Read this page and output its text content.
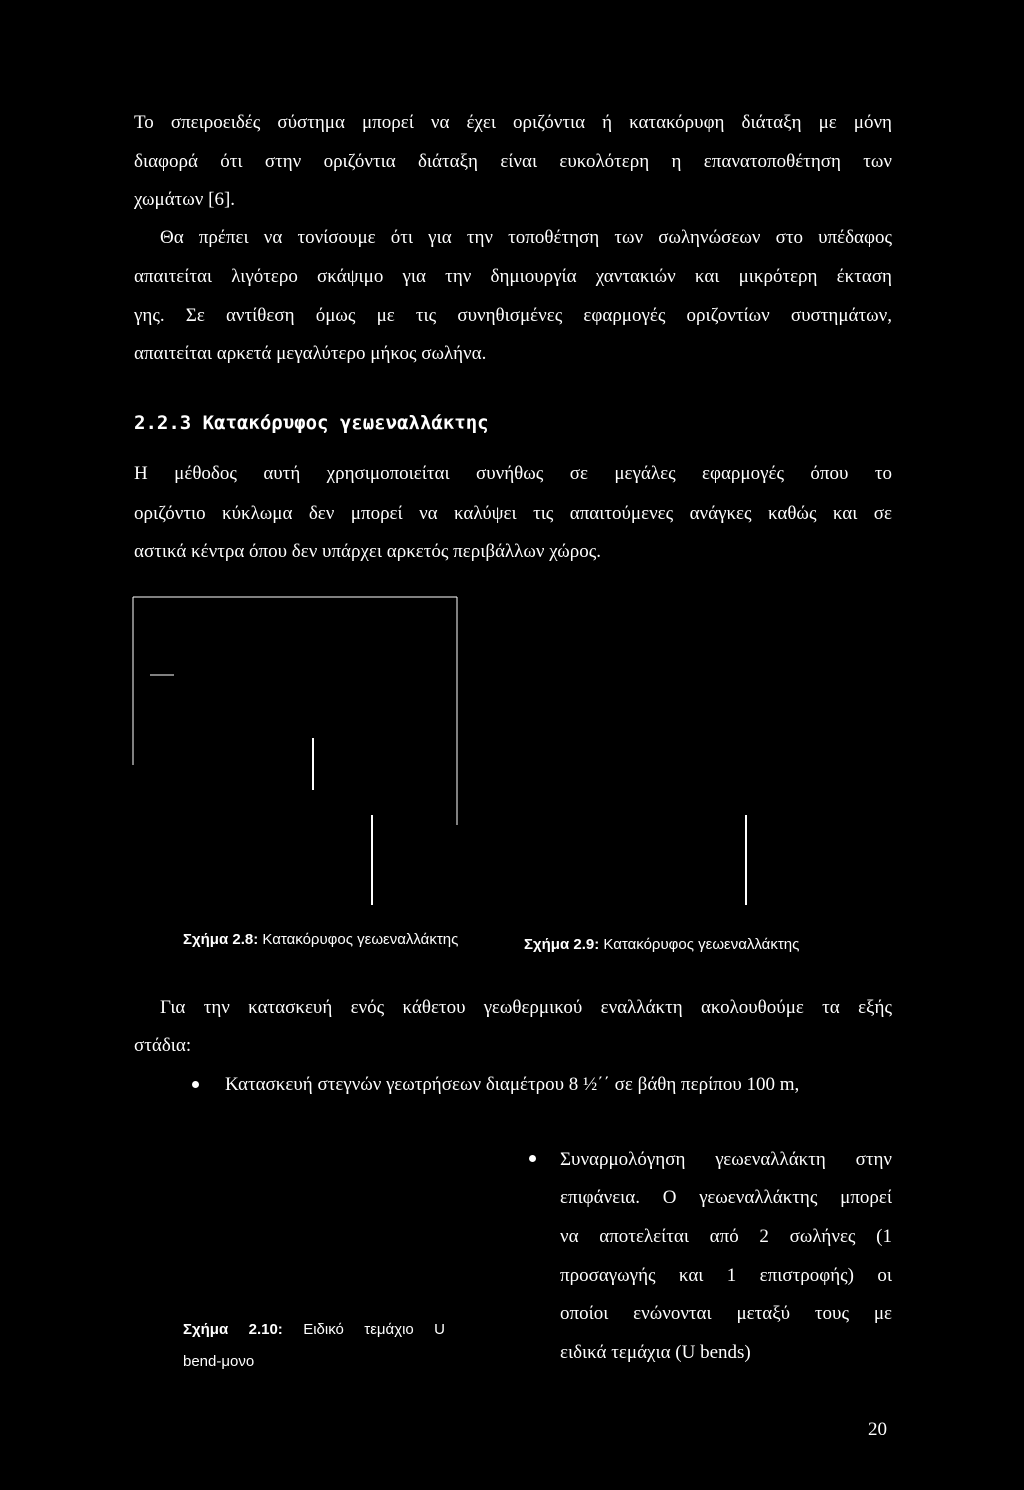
Το σπειροειδές σύστημα μπορεί να έχει οριζόντια ή κατακόρυφη διάταξη με μόνη
διαφορά ότι στην οριζόντια διάταξη είναι ευκολότερη η επανατοποθέτηση των
χωμάτων [6].
Θα πρέπει να τονίσουμε ότι για την τοποθέτηση των σωληνώσεων στο υπέδαφος
απαιτείται λιγότερο σκάψιμο για την δημιουργία χαντακιών και μικρότερη έκταση
γης. Σε αντίθεση όμως με τις συνηθισμένες εφαρμογές οριζοντίων συστημάτων,
απαιτείται αρκετά μεγαλύτερο μήκος σωλήνα.
2.2.3 Κατακόρυφος γεωεναλλάκτης
Η μέθοδος αυτή χρησιμοποιείται συνήθως σε μεγάλες εφαρμογές όπου το
οριζόντιο κύκλωμα δεν μπορεί να καλύψει τις απαιτούμενες ανάγκες καθώς και σε
αστικά κέντρα όπου δεν υπάρχει αρκετός περιβάλλων χώρος.
Σχήμα 2.8: Κατακόρυφος γεωεναλλάκτης	Σχήμα 2.9: Κατακόρυφος γεωεναλλάκτης
Για την κατασκευή ενός κάθετου γεωθερμικού εναλλάκτη ακολουθούμε τα εξής
στάδια:
Κατασκευή στεγνών γεωτρήσεων διαμέτρου 8 ½΄΄ σε βάθη περίπου 100 m,
Συναρμολόγηση γεωεναλλάκτη στην
επιφάνεια. Ο γεωεναλλάκτης μπορεί
να αποτελείται από 2 σωλήνες (1
προσαγωγής και 1 επιστροφής) οι
οποίοι ενώνονται μεταξύ τους με
ειδικά τεμάχια (U bends)
Σχήμα 2.10: Ειδικό τεμάχιο U
bend-μονο
20
